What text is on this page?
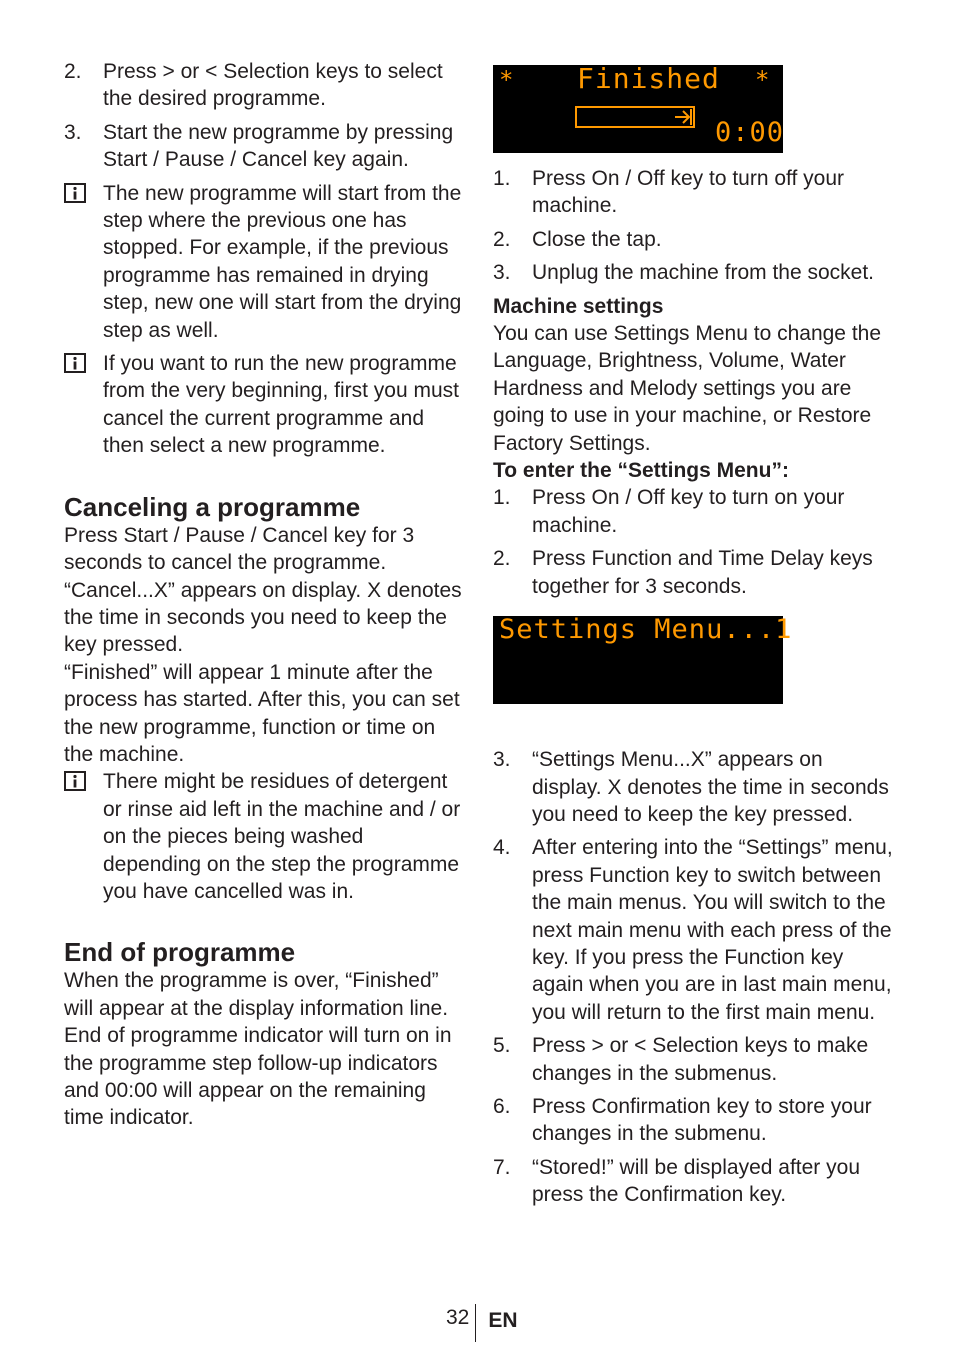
2.	Press > or < Selection keys to select the desired programme.
3.	Start the new programme by pressing Start / Pause / Cancel key again.
The new programme will start from the step where the previous one has stopped. For example, if the previous programme has remained in drying step, new one will start from the drying step as well.
If you want to run the new programme from the very beginning, first you must cancel the current programme and then select a new programme.
Canceling a programme

Press Start / Pause / Cancel key for 3 seconds to cancel the programme. “Cancel...X” appears on display. X denotes the time in seconds you need to keep the key pressed.

“Finished” will appear 1 minute after the process has started. After this, you can set the new programme, function or time on the machine.

There might be residues of detergent or rinse aid left in the machine and / or on the pieces being washed depending on the step the programme you have cancelled was in.
End of programme

When the programme is over, “Finished” will appear at the display information line. End of programme indicator will turn on in the programme step follow-up indicators and 00:00 will appear on the remaining time indicator.

* Finished *
0:00
1.	Press On / Off key to turn off your machine.
2.	Close the tap.
3.	Unplug the machine from the socket.

Machine settings

You can use Settings Menu to change the Language, Brightness, Volume, Water Hardness and Melody settings you are going to use in your machine, or Restore Factory Settings.

To enter the “Settings Menu”:

1.	Press On / Off key to turn on your machine.
2.	Press Function and Time Delay keys together for 3 seconds.
Settings Menu...1
3.	“Settings Menu...X” appears on display. X denotes the time in seconds you need to keep the key pressed.
4.	After entering into the “Settings” menu, press Function key to switch between the main menus. You will switch to the next main menu with each press of the key. If you press the Function key again when you are in last main menu, you will return to the first main menu.
5.	Press > or < Selection keys to make changes in the submenus.
6.	Press Confirmation key to store your changes in the submenu.
7.	“Stored!” will be displayed after you press the Confirmation key.
32 EN
